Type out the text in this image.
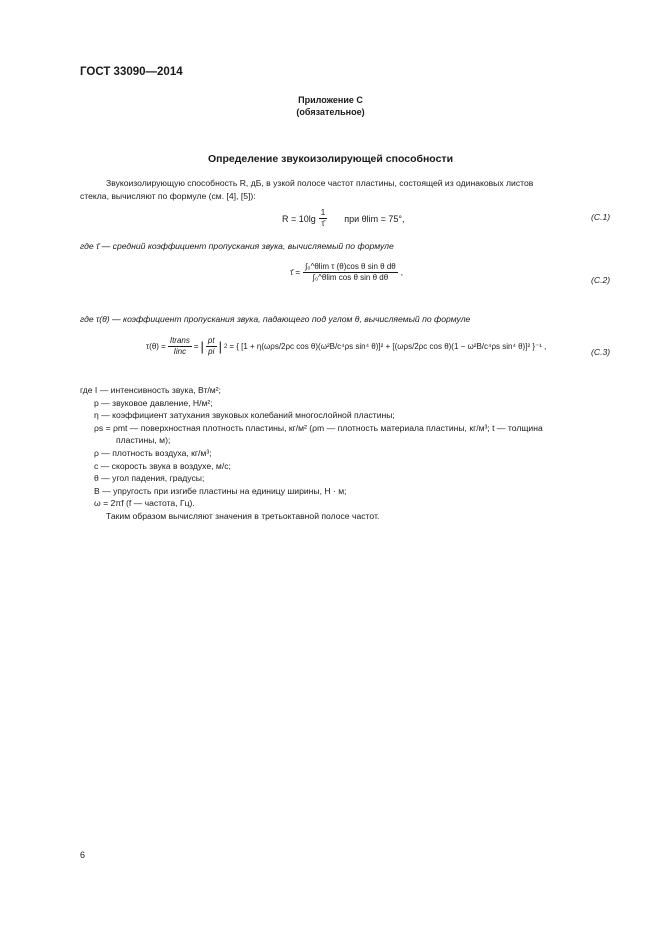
ГОСТ 33090—2014
Приложение С
(обязательное)
Определение звукоизолирующей способности
Звукоизолирующую способность R, дБ, в узкой полосе частот пластины, состоящей из одинаковых листов
стекла, вычисляют по формуле (см. [4], [5]):
$R = 10\lg \frac{1}{\taū}$ при θlim = 75°,	(C.1)
где τ̄ — средний коэффициент пропускания звука, вычисляемый по формуле
τ̄ = $\frac{\text{∫₀\textasciicircum{}θlim τ (θ)cos θ sin θ dθ}}{\text{∫₀\textasciicircum{}θlim cos θ sin θ dθ}}$ ,
(C.2)
где τ(θ) — коэффициент пропускания звука, падающего под углом θ, вычисляемый по формуле
$\tau(\theta) = \frac{\text{Itrans}}{\text{Iinc}}$ = | $\frac{pt}{pi}$ | 2 = { [1 + η(ωρs/2ρc cos θ)(ω²B/c⁴ρs sin⁴ θ)]² + [(ωρs/2ρc cos θ)(1 − ω²B/c⁴ρs sin⁴ θ)]² }⁻¹ ,
(C.3)
где I — интенсивность звука, Вт/м²;
p — звуковое давление, Н/м²;
η — коэффициент затухания звуковых колебаний многослойной пластины;
ρs = ρmt — поверхностная плотность пластины, кг/м² (ρm — плотность материала пластины, кг/м³; t — толщина
пластины, м);
ρ — плотность воздуха, кг/м³;
c — скорость звука в воздухе, м/с;
θ — угол падения, градусы;
B — упругость при изгибе пластины на единицу ширины, Н · м;
ω = 2πf (f — частота, Гц).
Таким образом вычисляют значения в третьоктавной полосе частот.
6
